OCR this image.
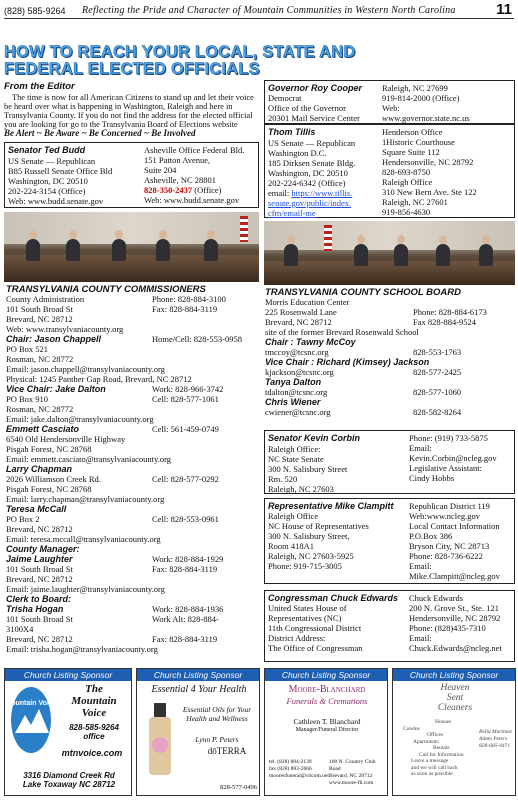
(828) 585-9264 Reflecting the Pride and Character of Mountain Communities in Western North Carolina	11
HOW TO REACH YOUR LOCAL, STATE AND
FEDERAL ELECTED OFFICIALS
From the Editor
The time is now for all American Citizens to stand up and let their voice be heard over what is happening in Washington, Raleigh and here in Transylvania County. If you do not find the address for the elected official you are looking for go to the Transylvania Board of Elections website
Be Alert ~ Be Aware ~ Be Concerned ~ Be Involved
Senator Ted Budd
US Senate — Republican
B85 Russell Senate Office Bld
Washington, DC 20510
202-224-3154 (Office)
Web: www.budd.senate.gov
Asheville Office Federal Bld.
151 Patton Avenue,
Suite 204
Asheville, NC 28801
828-350-2437 (Office)
Web: www.budd.senate.gov
TRANSYLVANIA COUNTY COMMISSIONERS
County Administration	Phone: 828-884-3100
101 South Broad St	Fax: 828-884-3119
Brevard, NC 28712
Web: www.transylvaniacounty.org
Chair: Jason Chappell	Home/Cell: 828-553-0958
PO Box 521
Rosman, NC 28772
Email: jason.chappell@transylvaniacounty.org
Physical: 1245 Panther Gap Road, Brevard, NC 28712
Vice Chair: Jake Dalton	Work: 828-966-3742
PO Box 910	Cell: 828-577-1061
Rosman, NC 28772
Email: jake.dalton@transylvaniacounty.org
Emmett Casciato	Cell: 561-459-0749
6540 Old Hendersonville Highway
Pisgah Forest, NC 28768
Email: emmett.casciato@transylvaniacounty.org
Larry Chapman
2026 Williamson Creek Rd.	Cell: 828-577-0292
Pisgah Forest, NC 28768
Email: larry.chapman@transylvaniacounty.org
Teresa McCall
PO Box 2	Cell: 828-553-0961
Brevard, NC 28712
Email: teresa.mccall@transylvaniacounty.org
County Manager:
Jaime Laughter	Work: 828-884-1929
101 South Broad St	Fax: 828-884-3119
Brevard, NC 28712
Email: jaime.laughter@transylvaniacounty.org
Clerk to Board:
Trisha Hogan	Work: 828-884-1936
101 South Broad St	Work Alt: 828-884-
3100X4
Brevard, NC 28712	Fax: 828-884-3119
Email: trisha.hogan@transylvaniacounty.org
Governor Roy Cooper
Democrat
Office of the Governor
20301 Mail Service Center
Raleigh, NC 27699
919-814-2000 (Office)
Web:
www.governor.state.nc.us
Thom Tillis
US Senate — Republican
Washington D.C.
185 Dirksen Senate Bldg.
Washington, DC 20510
202-224-6342 (Office)
email: https://www.tillis.
senate.gov/public/index.
cfm/email-me
Henderson Office
1Historic Courthouse
Square Suite 112
Hendersonville, NC 28792
828-693-8750
Raleigh Office
310 New Bern Ave. Ste 122
Raleigh, NC 27601
919-856-4630
TRANSYLVANIA COUNTY SCHOOL BOARD
Morris Education Center
225 Rosenwald Lane	Phone: 828-884-6173
Brevard, NC 28712	Fax 828-884-9524
site of the former Brevard Rosenwald School
Chair : Tawny McCoy
tmccoy@tcsnc.org	828-553-1763
Vice Chair : Richard (Kimsey) Jackson
kjackson@tcsnc.org	828-577-2425
Tanya Dalton
tdalton@tcsnc.org	828-577-1060
Chris Wiener
cwiener@tcsnc.org	828-582-8264
Senator Kevin Corbin
Raleigh Office:
NC State Senate
300 N. Salisbury Street
Rm. 520
Raleigh, NC 27603
Phone: (919) 733-5875
Email:
Kevin.Corbin@ncleg.gov
Legislative Assistant:
Cindy Hobbs
Representative Mike Clampitt
Raleigh Office
NC House of Representatives
300 N. Salisbury Street,
Room 418A1
Raleigh, NC 27603-5925
Phone: 919-715-3005
Republican District 119
Web:www.ncleg.gov
Local Contact Information
P.O.Box 386
Bryson City, NC 28713
Phone: 828-736-6222
Email:
Mike.Clampitt@ncleg.gov
Congressman Chuck Edwards
United States House of
Representatives (NC)
11th Congressional District
District Address:
The Office of Congressman
Chuck Edwards
200 N. Grove St., Ste. 121
Hendersonville, NC 28792
Phone: (828)435-7310
Email:
Chuck.Edwards@ncleg.net
Church Listing Sponsor
Mountain Voice
The
Mountain
Voice
828-585-9264
office
mtnvoice.com
3316 Diamond Creek Rd
Lake Toxaway NC 28712
Church Listing Sponsor
Essential 4 Your Health
Essential Oils for Your
Health and Wellness
Lynn P. Peters
dōTERRA
828-577-0496
Church Listing Sponsor
Moore-Blanchard
Funerals & Cremations
Cathleen T. Blanchard
Manager/Funeral Director
tel. (828) 884-2139
fax (828) 883-2666
mooresfuneral@citcom.net
100 N. Country Club Road
Brevard, NC 28712
www.moore-fh.com
Church Listing Sponsor
Heaven
Sent
Cleaners
Houses
Condos
Offices
Apartments
Rentals
Call for Information
Leave a message
and we will call back
as soon as possible
Bella Martinez
Adam Peters
828-685-4471
